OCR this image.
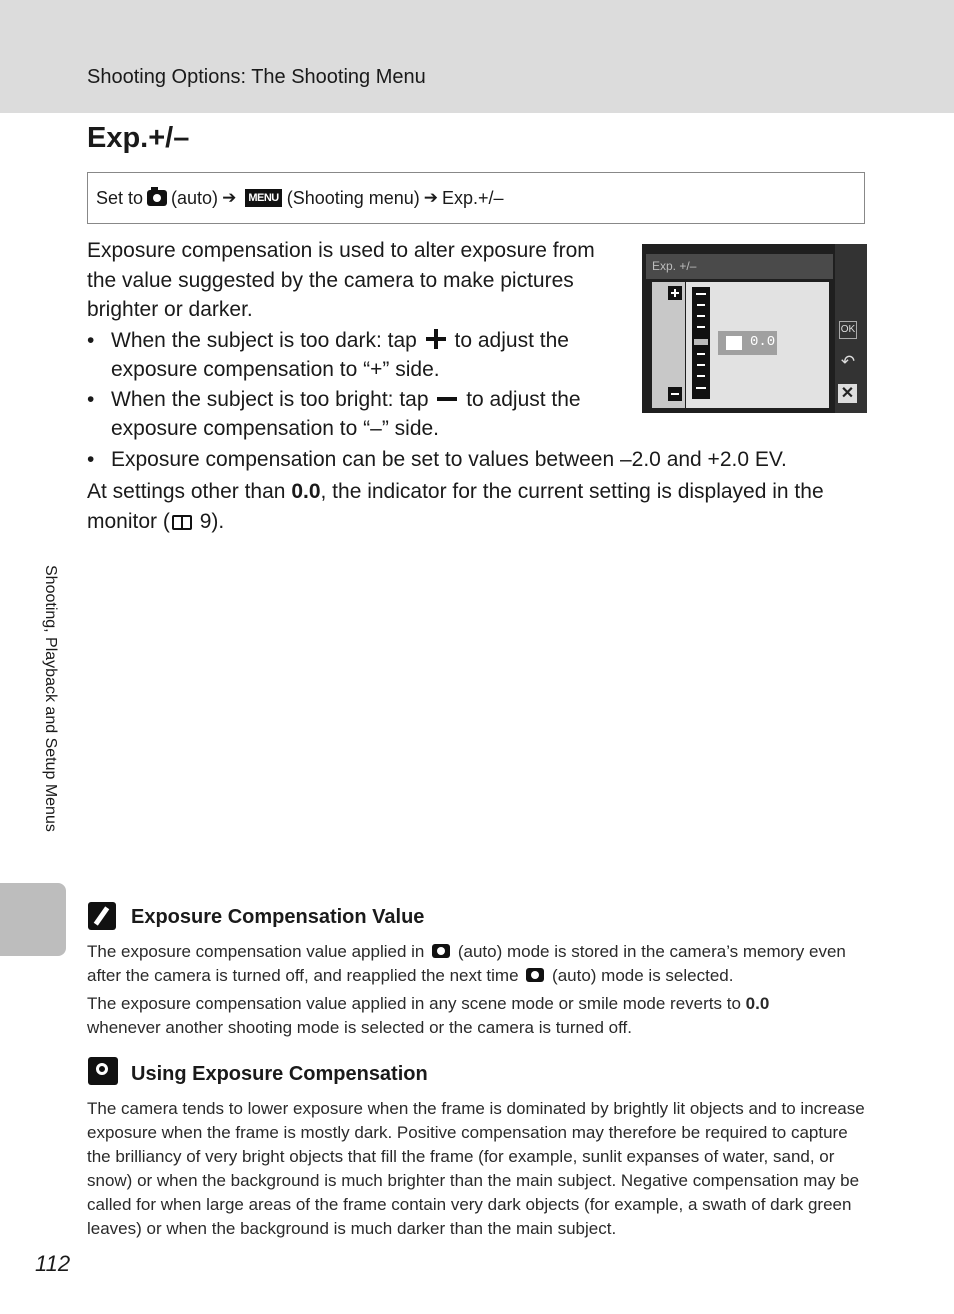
Shooting Options: The Shooting Menu
Exp.+/–
Set to (auto) ➔ MENU (Shooting menu) ➔ Exp.+/–
Exposure compensation is used to alter exposure from the value suggested by the camera to make pictures brighter or darker.
• When the subject is too dark: tap to adjust the
exposure compensation to “+” side.
• When the subject is too bright: tap to adjust the
exposure compensation to “–” side.
• Exposure compensation can be set to values between –2.0 and +2.0 EV.
At settings other than 0.0, the indicator for the current setting is displayed in the monitor ( 9).
Exp. +/–
0.0
OK
↶
✕
Shooting, Playback and Setup Menus
Exposure Compensation Value
The exposure compensation value applied in (auto) mode is stored in the camera’s memory even after the camera is turned off, and reapplied the next time (auto) mode is selected.
The exposure compensation value applied in any scene mode or smile mode reverts to 0.0
whenever another shooting mode is selected or the camera is turned off.
Using Exposure Compensation
The camera tends to lower exposure when the frame is dominated by brightly lit objects and to increase exposure when the frame is mostly dark. Positive compensation may therefore be required to capture the brilliancy of very bright objects that fill the frame (for example, sunlit expanses of water, sand, or snow) or when the background is much brighter than the main subject. Negative compensation may be called for when large areas of the frame contain very dark objects (for example, a swath of dark green leaves) or when the background is much darker than the main subject.
112
